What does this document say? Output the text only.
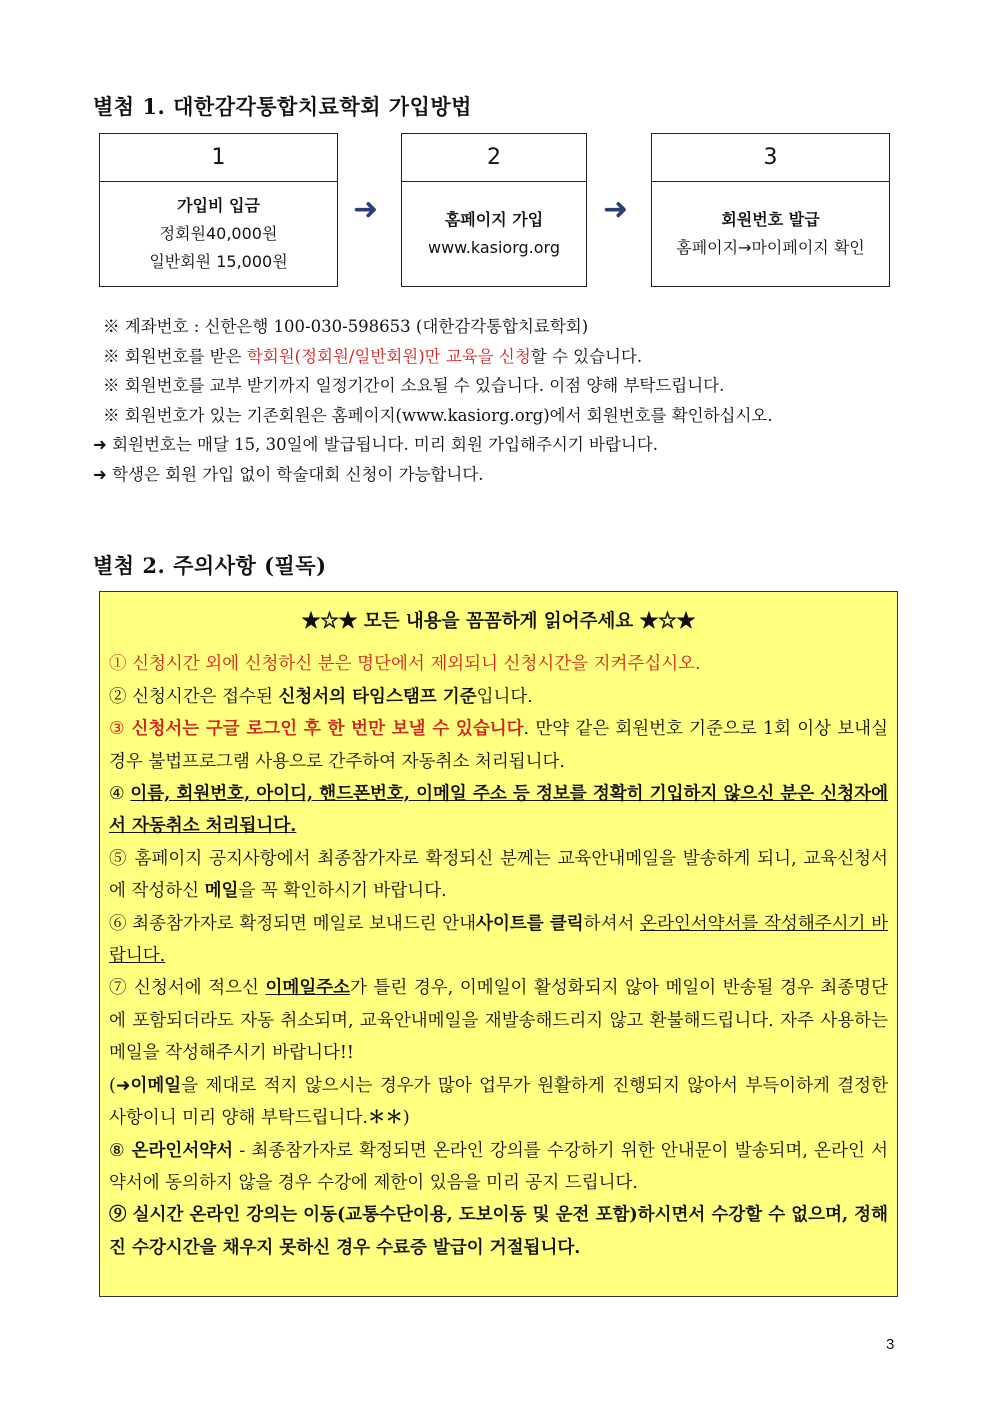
별첨 1. 대한감각통합치료학회 가입방법
1
가입비 입금
정회원40,000원
일반회원 15,000원
➜
2
홈페이지 가입
www.kasiorg.org
➜
3
회원번호 발급
홈페이지→마이페이지 확인
※ 계좌번호 : 신한은행 100-030-598653 (대한감각통합치료학회)
※ 회원번호를 받은 학회원(정회원/일반회원)만 교육을 신청할 수 있습니다.
※ 회원번호를 교부 받기까지 일정기간이 소요될 수 있습니다. 이점 양해 부탁드립니다.
※ 회원번호가 있는 기존회원은 홈페이지(www.kasiorg.org)에서 회원번호를 확인하십시오.
➜ 회원번호는 매달 15, 30일에 발급됩니다. 미리 회원 가입해주시기 바랍니다.
➜ 학생은 회원 가입 없이 학술대회 신청이 가능합니다.
별첨 2. 주의사항 (필독)
★☆★ 모든 내용을 꼼꼼하게 읽어주세요 ★☆★

① 신청시간 외에 신청하신 분은 명단에서 제외되니 신청시간을 지켜주십시오.

② 신청시간은 접수된 신청서의 타임스탬프 기준입니다.

③ 신청서는 구글 로그인 후 한 번만 보낼 수 있습니다. 만약 같은 회원번호 기준으로 1회 이상 보내실 경우 불법프로그램 사용으로 간주하여 자동취소 처리됩니다.

④ 이름, 회원번호, 아이디, 핸드폰번호, 이메일 주소 등 정보를 정확히 기입하지 않으신 분은 신청자에서 자동취소 처리됩니다.

⑤ 홈페이지 공지사항에서 최종참가자로 확정되신 분께는 교육안내메일을 발송하게 되니, 교육신청서에 작성하신 메일을 꼭 확인하시기 바랍니다.

⑥ 최종참가자로 확정되면 메일로 보내드린 안내사이트를 클릭하셔서 온라인서약서를 작성해주시기 바랍니다.

⑦ 신청서에 적으신 이메일주소가 틀린 경우, 이메일이 활성화되지 않아 메일이 반송될 경우 최종명단에 포함되더라도 자동 취소되며, 교육안내메일을 재발송해드리지 않고 환불해드립니다. 자주 사용하는 메일을 작성해주시기 바랍니다!!

(➜이메일을 제대로 적지 않으시는 경우가 많아 업무가 원활하게 진행되지 않아서 부득이하게 결정한 사항이니 미리 양해 부탁드립니다.＊＊)

⑧ 온라인서약서 - 최종참가자로 확정되면 온라인 강의를 수강하기 위한 안내문이 발송되며, 온라인 서약서에 동의하지 않을 경우 수강에 제한이 있음을 미리 공지 드립니다.

⑨ 실시간 온라인 강의는 이동(교통수단이용, 도보이동 및 운전 포함)하시면서 수강할 수 없으며, 정해진 수강시간을 채우지 못하신 경우 수료증 발급이 거절됩니다.

3
